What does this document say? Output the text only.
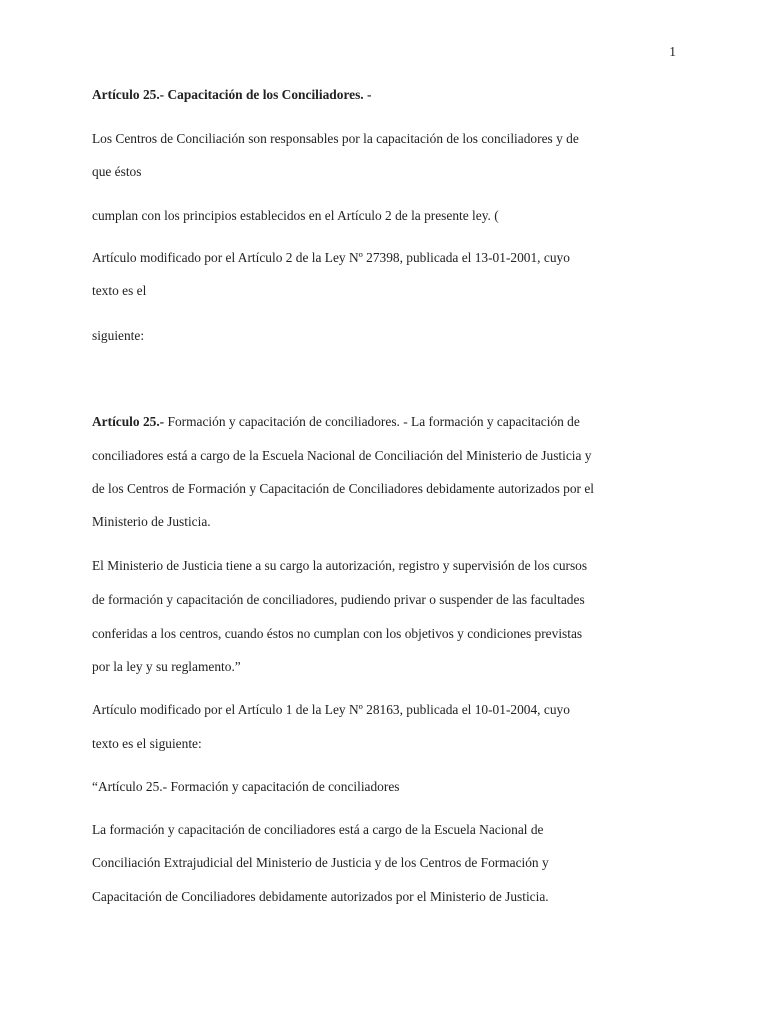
1
Artículo 25.- Capacitación de los Conciliadores. -
Los Centros de Conciliación son responsables por la capacitación de los conciliadores y de
que éstos
cumplan con los principios establecidos en el Artículo 2 de la presente ley. (
Artículo modificado por el Artículo 2 de la Ley Nº 27398, publicada el 13-01-2001, cuyo
texto es el
siguiente:
Artículo 25.- Formación y capacitación de conciliadores. - La formación y capacitación de
conciliadores está a cargo de la Escuela Nacional de Conciliación del Ministerio de Justicia y
de los Centros de Formación y Capacitación de Conciliadores debidamente autorizados por el
Ministerio de Justicia.
El Ministerio de Justicia tiene a su cargo la autorización, registro y supervisión de los cursos
de formación y capacitación de conciliadores, pudiendo privar o suspender de las facultades
conferidas a los centros, cuando éstos no cumplan con los objetivos y condiciones previstas
por la ley y su reglamento.”
Artículo modificado por el Artículo 1 de la Ley Nº 28163, publicada el 10-01-2004, cuyo
texto es el siguiente:
“Artículo 25.- Formación y capacitación de conciliadores
La formación y capacitación de conciliadores está a cargo de la Escuela Nacional de
Conciliación Extrajudicial del Ministerio de Justicia y de los Centros de Formación y
Capacitación de Conciliadores debidamente autorizados por el Ministerio de Justicia.
